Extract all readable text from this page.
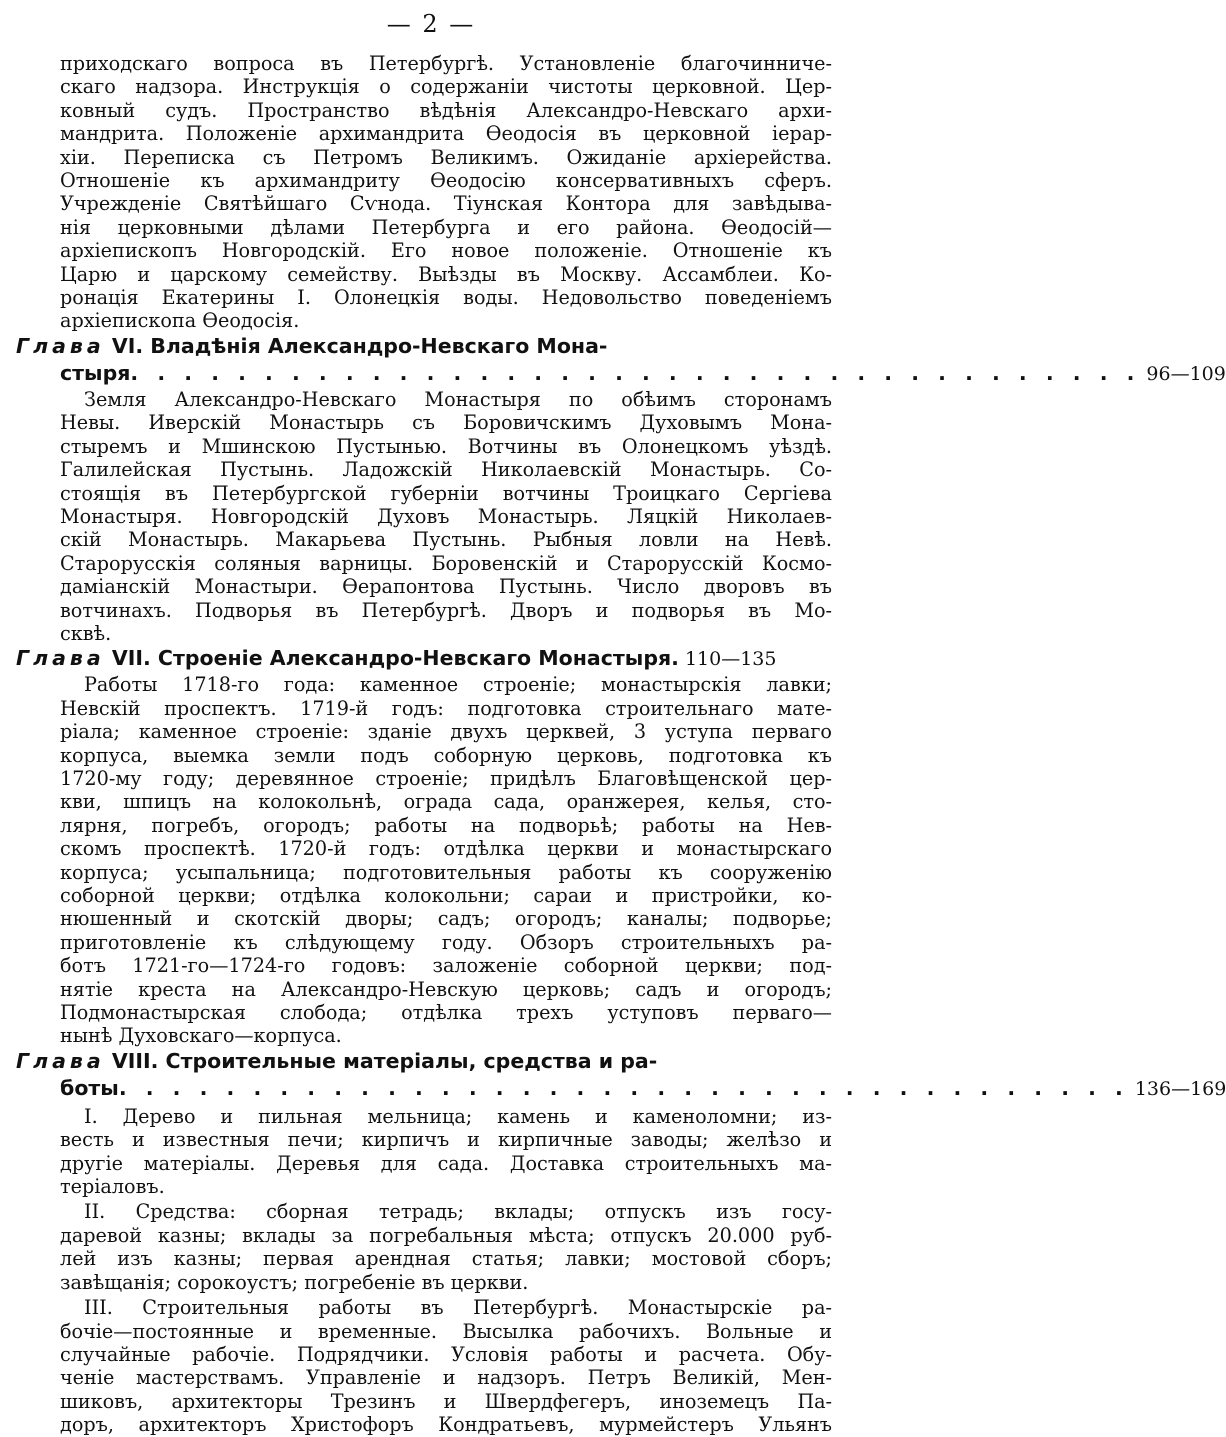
— 2 —
приходскаго вопроса въ Петербургѣ. Установленіе благочинниче-
скаго надзора. Инструкція о содержаніи чистоты церковной. Цер-
ковный судъ. Пространство вѣдѣнія Александро-Невскаго архи-
мандрита. Положеніе архимандрита Өеодосія въ церковной іерар-
хіи. Переписка съ Петромъ Великимъ. Ожиданіе архіерейства.
Отношеніе къ архимандриту Өеодосію консервативныхъ сферъ.
Учрежденіе Святѣйшаго Сѵнода. Тіунская Контора для завѣдыва-
нія церковными дѣлами Петербурга и его района. Өеодосій—
архіепископъ Новгородскій. Его новое положеніе. Отношеніе къ
Царю и царскому семейству. Выѣзды въ Москву. Ассамблеи. Ко-
ронація Екатерины I. Олонецкія воды. Недовольство поведеніемъ
архіепископа Өеодосія.
Глава VI. Владѣнія Александро-Невскаго Мона-
стыря . . . . . . . . . . . . . . . . . . . . . . . . . . . . . . . . . . . . . . 96—109
Земля Александро-Невскаго Монастыря по обѣимъ сторонамъ
Невы. Иверскій Монастырь съ Боровичскимъ Духовымъ Мона-
стыремъ и Мшинскою Пустынью. Вотчины въ Олонецкомъ уѣздѣ.
Галилейская Пустынь. Ладожскій Николаевскій Монастырь. Со-
стоящія въ Петербургской губерніи вотчины Троицкаго Сергіева
Монастыря. Новгородскій Духовъ Монастырь. Ляцкій Николаев-
скій Монастырь. Макарьева Пустынь. Рыбныя ловли на Невѣ.
Старорусскія соляныя варницы. Боровенскій и Старорусскій Космо-
даміанскій Монастыри. Өерапонтова Пустынь. Число дворовъ въ
вотчинахъ. Подворья въ Петербургѣ. Дворъ и подворья въ Мо-
сквѣ.
Глава
VII.
Строеніе Александро-Невскаго Монастыря. 110—135
Работы 1718-го года: каменное строеніе; монастырскія лавки;
Невскій проспектъ. 1719-й годъ: подготовка строительнаго мате-
ріала; каменное строеніе: зданіе двухъ церквей, 3 уступа перваго
корпуса, выемка земли подъ соборную церковь, подготовка къ
1720-му году; деревянное строеніе; придѣлъ Благовѣщенской цер-
кви, шпицъ на колокольнѣ, ограда сада, оранжерея, келья, сто-
лярня, погребъ, огородъ; работы на подворьѣ; работы на Нев-
скомъ проспектѣ. 1720-й годъ: отдѣлка церкви и монастырскаго
корпуса; усыпальница; подготовительныя работы къ сооруженію
соборной церкви; отдѣлка колокольни; сараи и пристройки, ко-
нюшенный и скотскій дворы; садъ; огородъ; каналы; подворье;
приготовленіе къ слѣдующему году. Обзоръ строительныхъ ра-
ботъ 1721-го—1724-го годовъ: заложеніе соборной церкви; под-
нятіе креста на Александро-Невскую церковь; садъ и огородъ;
Подмонастырская слобода; отдѣлка трехъ уступовъ перваго—
нынѣ Духовскаго—корпуса.
Глава VIII. Строительные матеріалы, средства и ра-
боты . . . . . . . . . . . . . . . . . . . . . . . . . . . . . . . . . . . . . . 136—169
I. Дерево и пильная мельница; камень и каменоломни; из-
весть и известныя печи; кирпичъ и кирпичные заводы; желѣзо и
другіе матеріалы. Деревья для сада. Доставка строительныхъ ма-
теріаловъ.
II. Средства: сборная тетрадь; вклады; отпускъ изъ госу-
даревой казны; вклады за погребальныя мѣста; отпускъ 20.000 руб-
лей изъ казны; первая арендная статья; лавки; мостовой сборъ;
завѣщанія; сорокоустъ; погребеніе въ церкви.
III. Строительныя работы въ Петербургѣ. Монастырскіе ра-
бочіе—постоянные и временные. Высылка рабочихъ. Вольные и
случайные рабочіе. Подрядчики. Условія работы и расчета. Обу-
ченіе мастерствамъ. Управленіе и надзоръ. Петръ Великій, Мен-
шиковъ, архитекторы Трезинъ и Швердфегеръ, иноземецъ Па-
доръ, архитекторъ Христофоръ Кондратьевъ, мурмейстеръ Ульянъ
